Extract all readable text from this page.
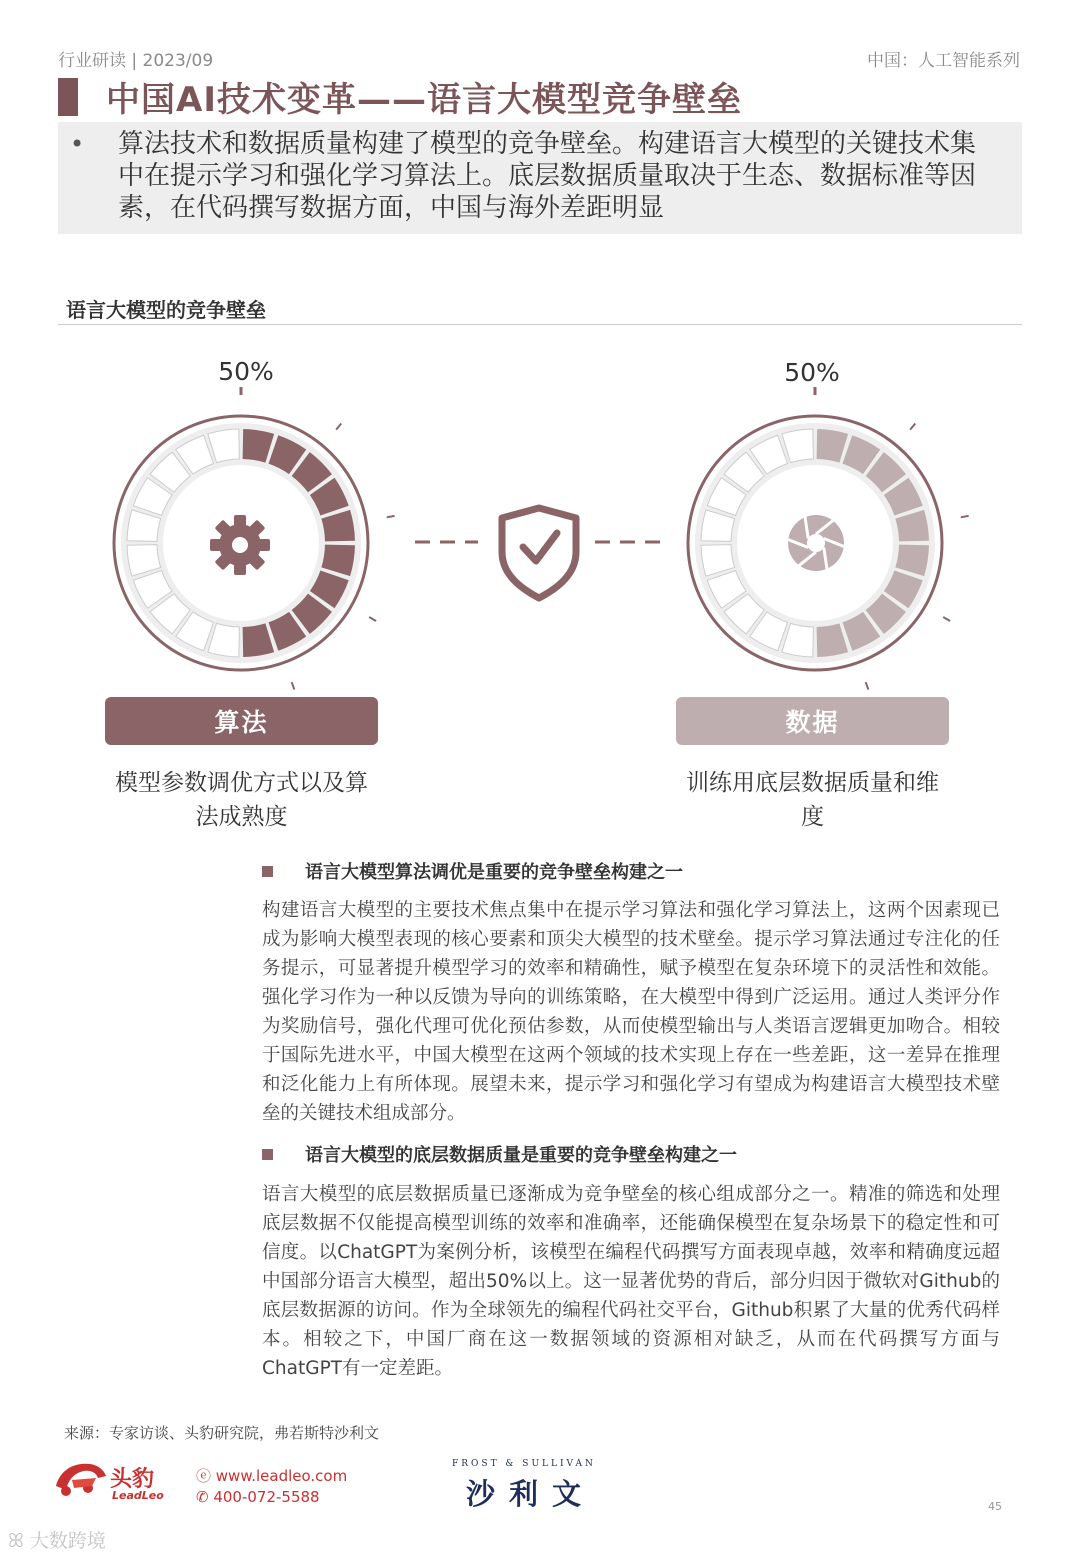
行业研读 | 2023/09	中国：人工智能系列
中国AI技术变革——语言大模型竞争壁垒
• 算法技术和数据质量构建了模型的竞争壁垒。构建语言大模型的关键技术集中在提示学习和强化学习算法上。底层数据质量取决于生态、数据标准等因素，在代码撰写数据方面，中国与海外差距明显
语言大模型的竞争壁垒
50%	50%
算法	数据
模型参数调优方式以及算法成熟度
训练用底层数据质量和维度
语言大模型算法调优是重要的竞争壁垒构建之一
构建语言大模型的主要技术焦点集中在提示学习算法和强化学习算法上，这两个因素现已成为影响大模型表现的核心要素和顶尖大模型的技术壁垒。提示学习算法通过专注化的任务提示，可显著提升模型学习的效率和精确性，赋予模型在复杂环境下的灵活性和效能。强化学习作为一种以反馈为导向的训练策略，在大模型中得到广泛运用。通过人类评分作为奖励信号，强化代理可优化预估参数，从而使模型输出与人类语言逻辑更加吻合。相较于国际先进水平，中国大模型在这两个领域的技术实现上存在一些差距，这一差异在推理和泛化能力上有所体现。展望未来，提示学习和强化学习有望成为构建语言大模型技术壁垒的关键技术组成部分。
语言大模型的底层数据质量是重要的竞争壁垒构建之一
语言大模型的底层数据质量已逐渐成为竞争壁垒的核心组成部分之一。精准的筛选和处理底层数据不仅能提高模型训练的效率和准确率，还能确保模型在复杂场景下的稳定性和可信度。以ChatGPT为案例分析，该模型在编程代码撰写方面表现卓越，效率和精确度远超中国部分语言大模型，超出50%以上。这一显著优势的背后，部分归因于微软对Github的底层数据源的访问。作为全球领先的编程代码社交平台，Github积累了大量的优秀代码样本。相较之下，中国厂商在这一数据领域的资源相对缺乏，从而在代码撰写方面与ChatGPT有一定差距。
来源：专家访谈、头豹研究院，弗若斯特沙利文
头豹
LeadLeo
ⓔ www.leadleo.com
✆ 400-072-5588
FROST & SULLIVAN
沙利文	45
ꕤ 大数跨境
